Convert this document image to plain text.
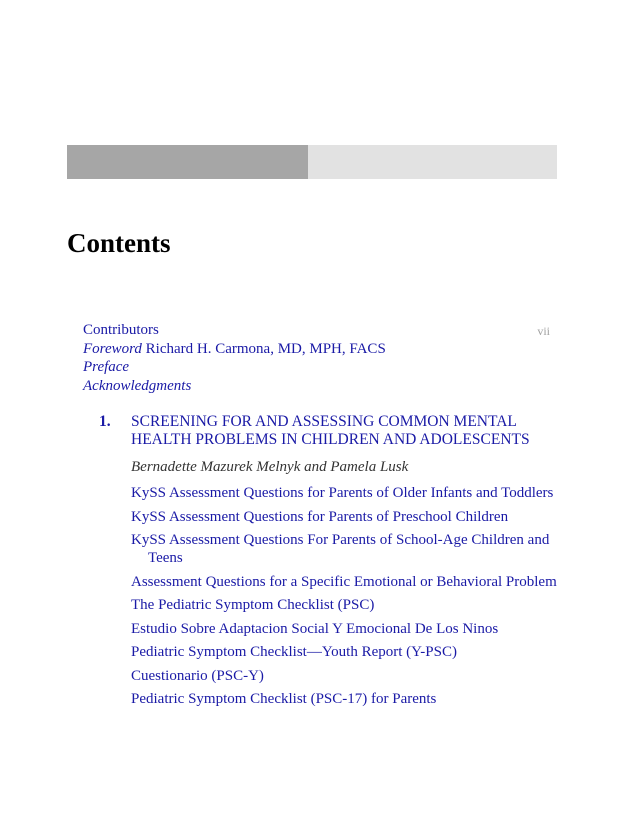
Contents
Contributors	vii
Foreword Richard H. Carmona, MD, MPH, FACS
Preface
Acknowledgments
1. SCREENING FOR AND ASSESSING COMMON MENTAL HEALTH PROBLEMS IN CHILDREN AND ADOLESCENTS
Bernadette Mazurek Melnyk and Pamela Lusk
KySS Assessment Questions for Parents of Older Infants and Toddlers
KySS Assessment Questions for Parents of Preschool Children
KySS Assessment Questions For Parents of School-Age Children and Teens
Assessment Questions for a Specific Emotional or Behavioral Problem
The Pediatric Symptom Checklist (PSC)
Estudio Sobre Adaptacion Social Y Emocional De Los Ninos
Pediatric Symptom Checklist—Youth Report (Y-PSC)
Cuestionario (PSC-Y)
Pediatric Symptom Checklist (PSC-17) for Parents
